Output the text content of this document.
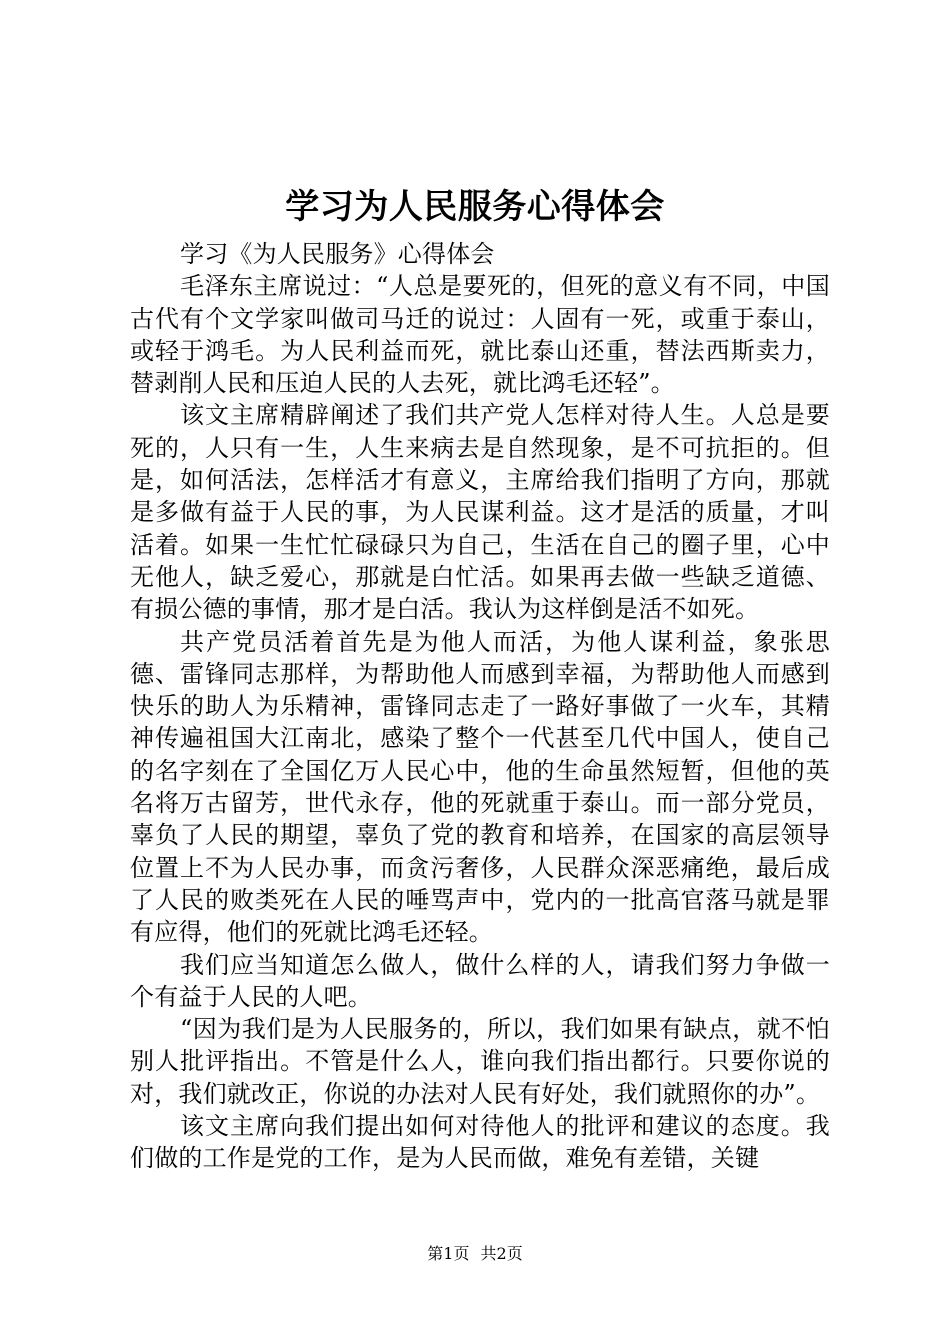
学习为人民服务心得体会

学习《为人民服务》心得体会

毛泽东主席说过：“人总是要死的，但死的意义有不同，中国古代有个文学家叫做司马迁的说过：人固有一死，或重于泰山，或轻于鸿毛。为人民利益而死，就比泰山还重，替法西斯卖力，替剥削人民和压迫人民的人去死，就比鸿毛还轻”。

该文主席精辟阐述了我们共产党人怎样对待人生。人总是要死的，人只有一生，人生来病去是自然现象，是不可抗拒的。但是，如何活法，怎样活才有意义，主席给我们指明了方向，那就是多做有益于人民的事，为人民谋利益。这才是活的质量，才叫活着。如果一生忙忙碌碌只为自己，生活在自己的圈子里，心中无他人，缺乏爱心，那就是白忙活。如果再去做一些缺乏道德、有损公德的事情，那才是白活。我认为这样倒是活不如死。

共产党员活着首先是为他人而活，为他人谋利益，象张思德、雷锋同志那样，为帮助他人而感到幸福，为帮助他人而感到快乐的助人为乐精神，雷锋同志走了一路好事做了一火车，其精神传遍祖国大江南北，感染了整个一代甚至几代中国人，使自己的名字刻在了全国亿万人民心中，他的生命虽然短暂，但他的英名将万古留芳，世代永存，他的死就重于泰山。而一部分党员，辜负了人民的期望，辜负了党的教育和培养，在国家的高层领导位置上不为人民办事，而贪污奢侈，人民群众深恶痛绝，最后成了人民的败类死在人民的唾骂声中，党内的一批高官落马就是罪有应得，他们的死就比鸿毛还轻。

我们应当知道怎么做人，做什么样的人，请我们努力争做一个有益于人民的人吧。

“因为我们是为人民服务的，所以，我们如果有缺点，就不怕别人批评指出。不管是什么人，谁向我们指出都行。只要你说的对，我们就改正，你说的办法对人民有好处，我们就照你的办”。

该文主席向我们提出如何对待他人的批评和建议的态度。我们做的工作是党的工作，是为人民而做，难免有差错，关键

第1页 共2页
